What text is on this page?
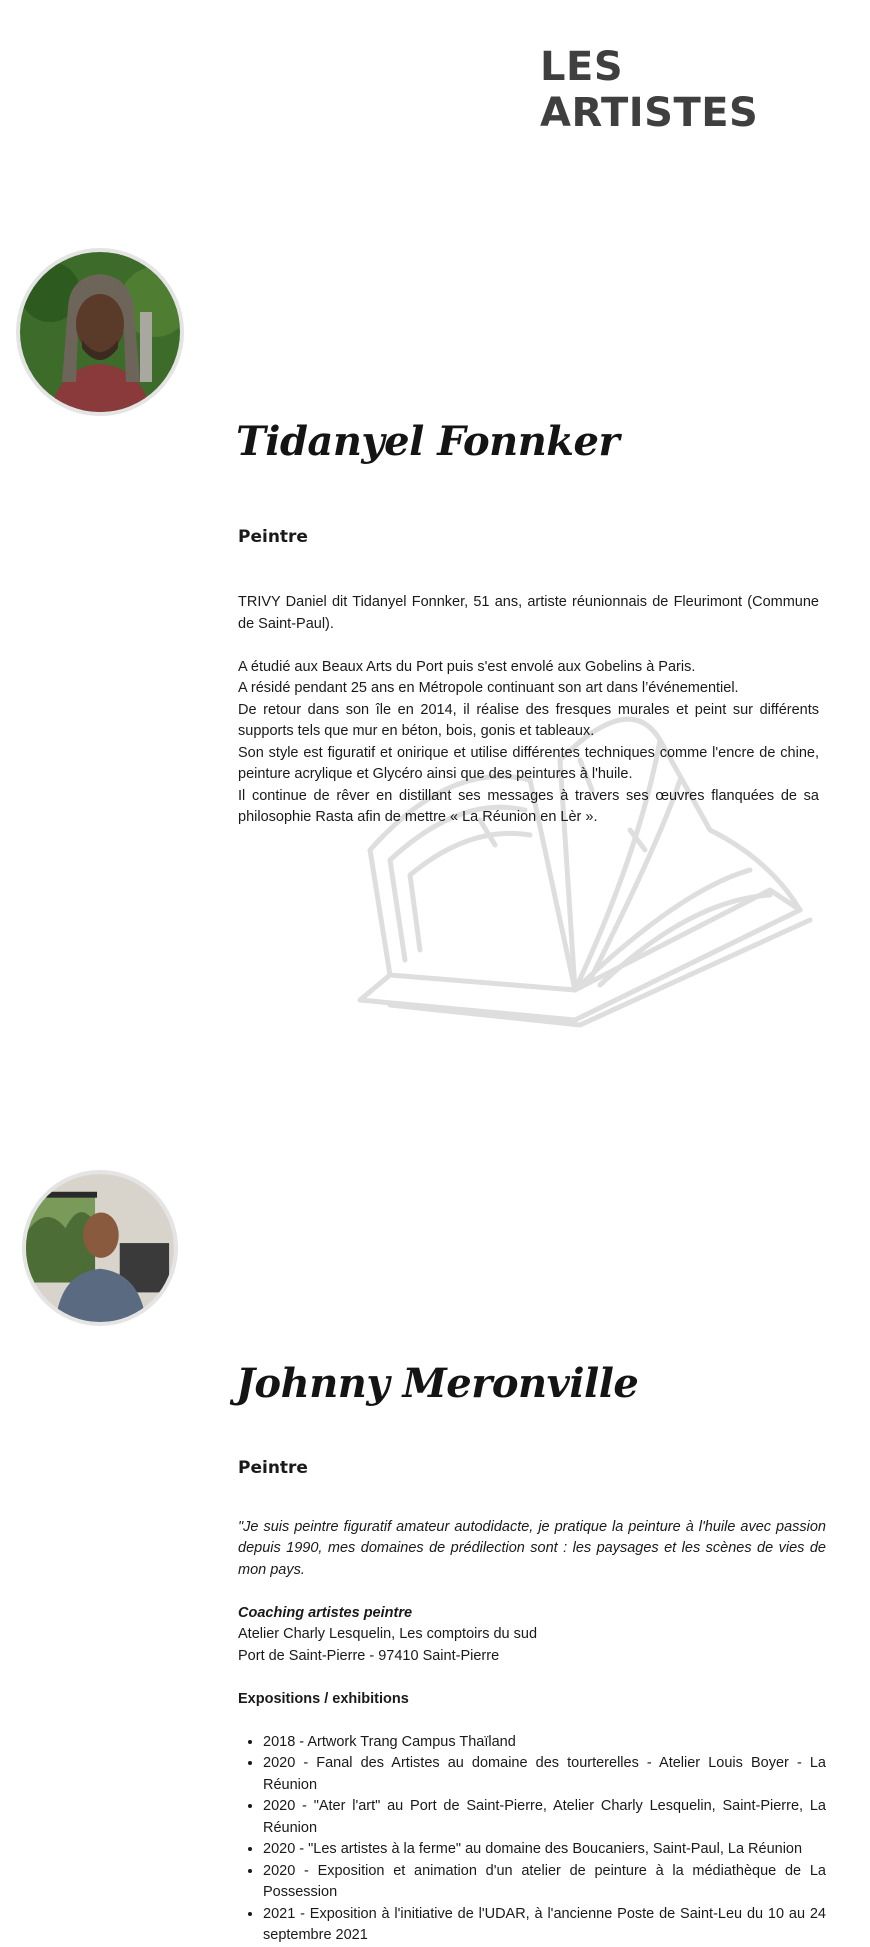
LES ARTISTES
Tidanyel Fonnker
Peintre

TRIVY Daniel dit Tidanyel Fonnker, 51 ans, artiste réunionnais de Fleurimont (Commune de Saint-Paul).

A étudié aux Beaux Arts du Port puis s'est envolé aux Gobelins à Paris.

A résidé pendant 25 ans en Métropole continuant son art dans l’événementiel.

De retour dans son île en 2014, il réalise des fresques murales et peint sur différents supports tels que mur en béton, bois, gonis et tableaux.

Son style est figuratif et onirique et utilise différentes techniques comme l'encre de chine, peinture acrylique et Glycéro ainsi que des peintures à l'huile.

Il continue de rêver en distillant ses messages à travers ses œuvres flanquées de sa philosophie Rasta afin de mettre « La Réunion en Lèr ».

Johnny Meronville
Peintre

"Je suis peintre figuratif amateur autodidacte, je pratique la peinture à l'huile avec passion depuis 1990, mes domaines de prédilection sont : les paysages et les scènes de vies de mon pays.

Coaching artistes peintre

Atelier Charly Lesquelin, Les comptoirs du sud

Port de Saint-Pierre - 97410 Saint-Pierre

Expositions / exhibitions

• 2018 - Artwork Trang Campus Thaïland
• 2020 - Fanal des Artistes au domaine des tourterelles - Atelier Louis Boyer - La Réunion
• 2020 - "Ater l'art" au Port de Saint-Pierre, Atelier Charly Lesquelin, Saint-Pierre, La Réunion
• 2020 - "Les artistes à la ferme" au domaine des Boucaniers, Saint-Paul, La Réunion
• 2020 - Exposition et animation d'un atelier de peinture à la médiathèque de La Possession
• 2021 - Exposition à l'initiative de l'UDAR, à l'ancienne Poste de Saint-Leu du 10 au 24 septembre 2021
